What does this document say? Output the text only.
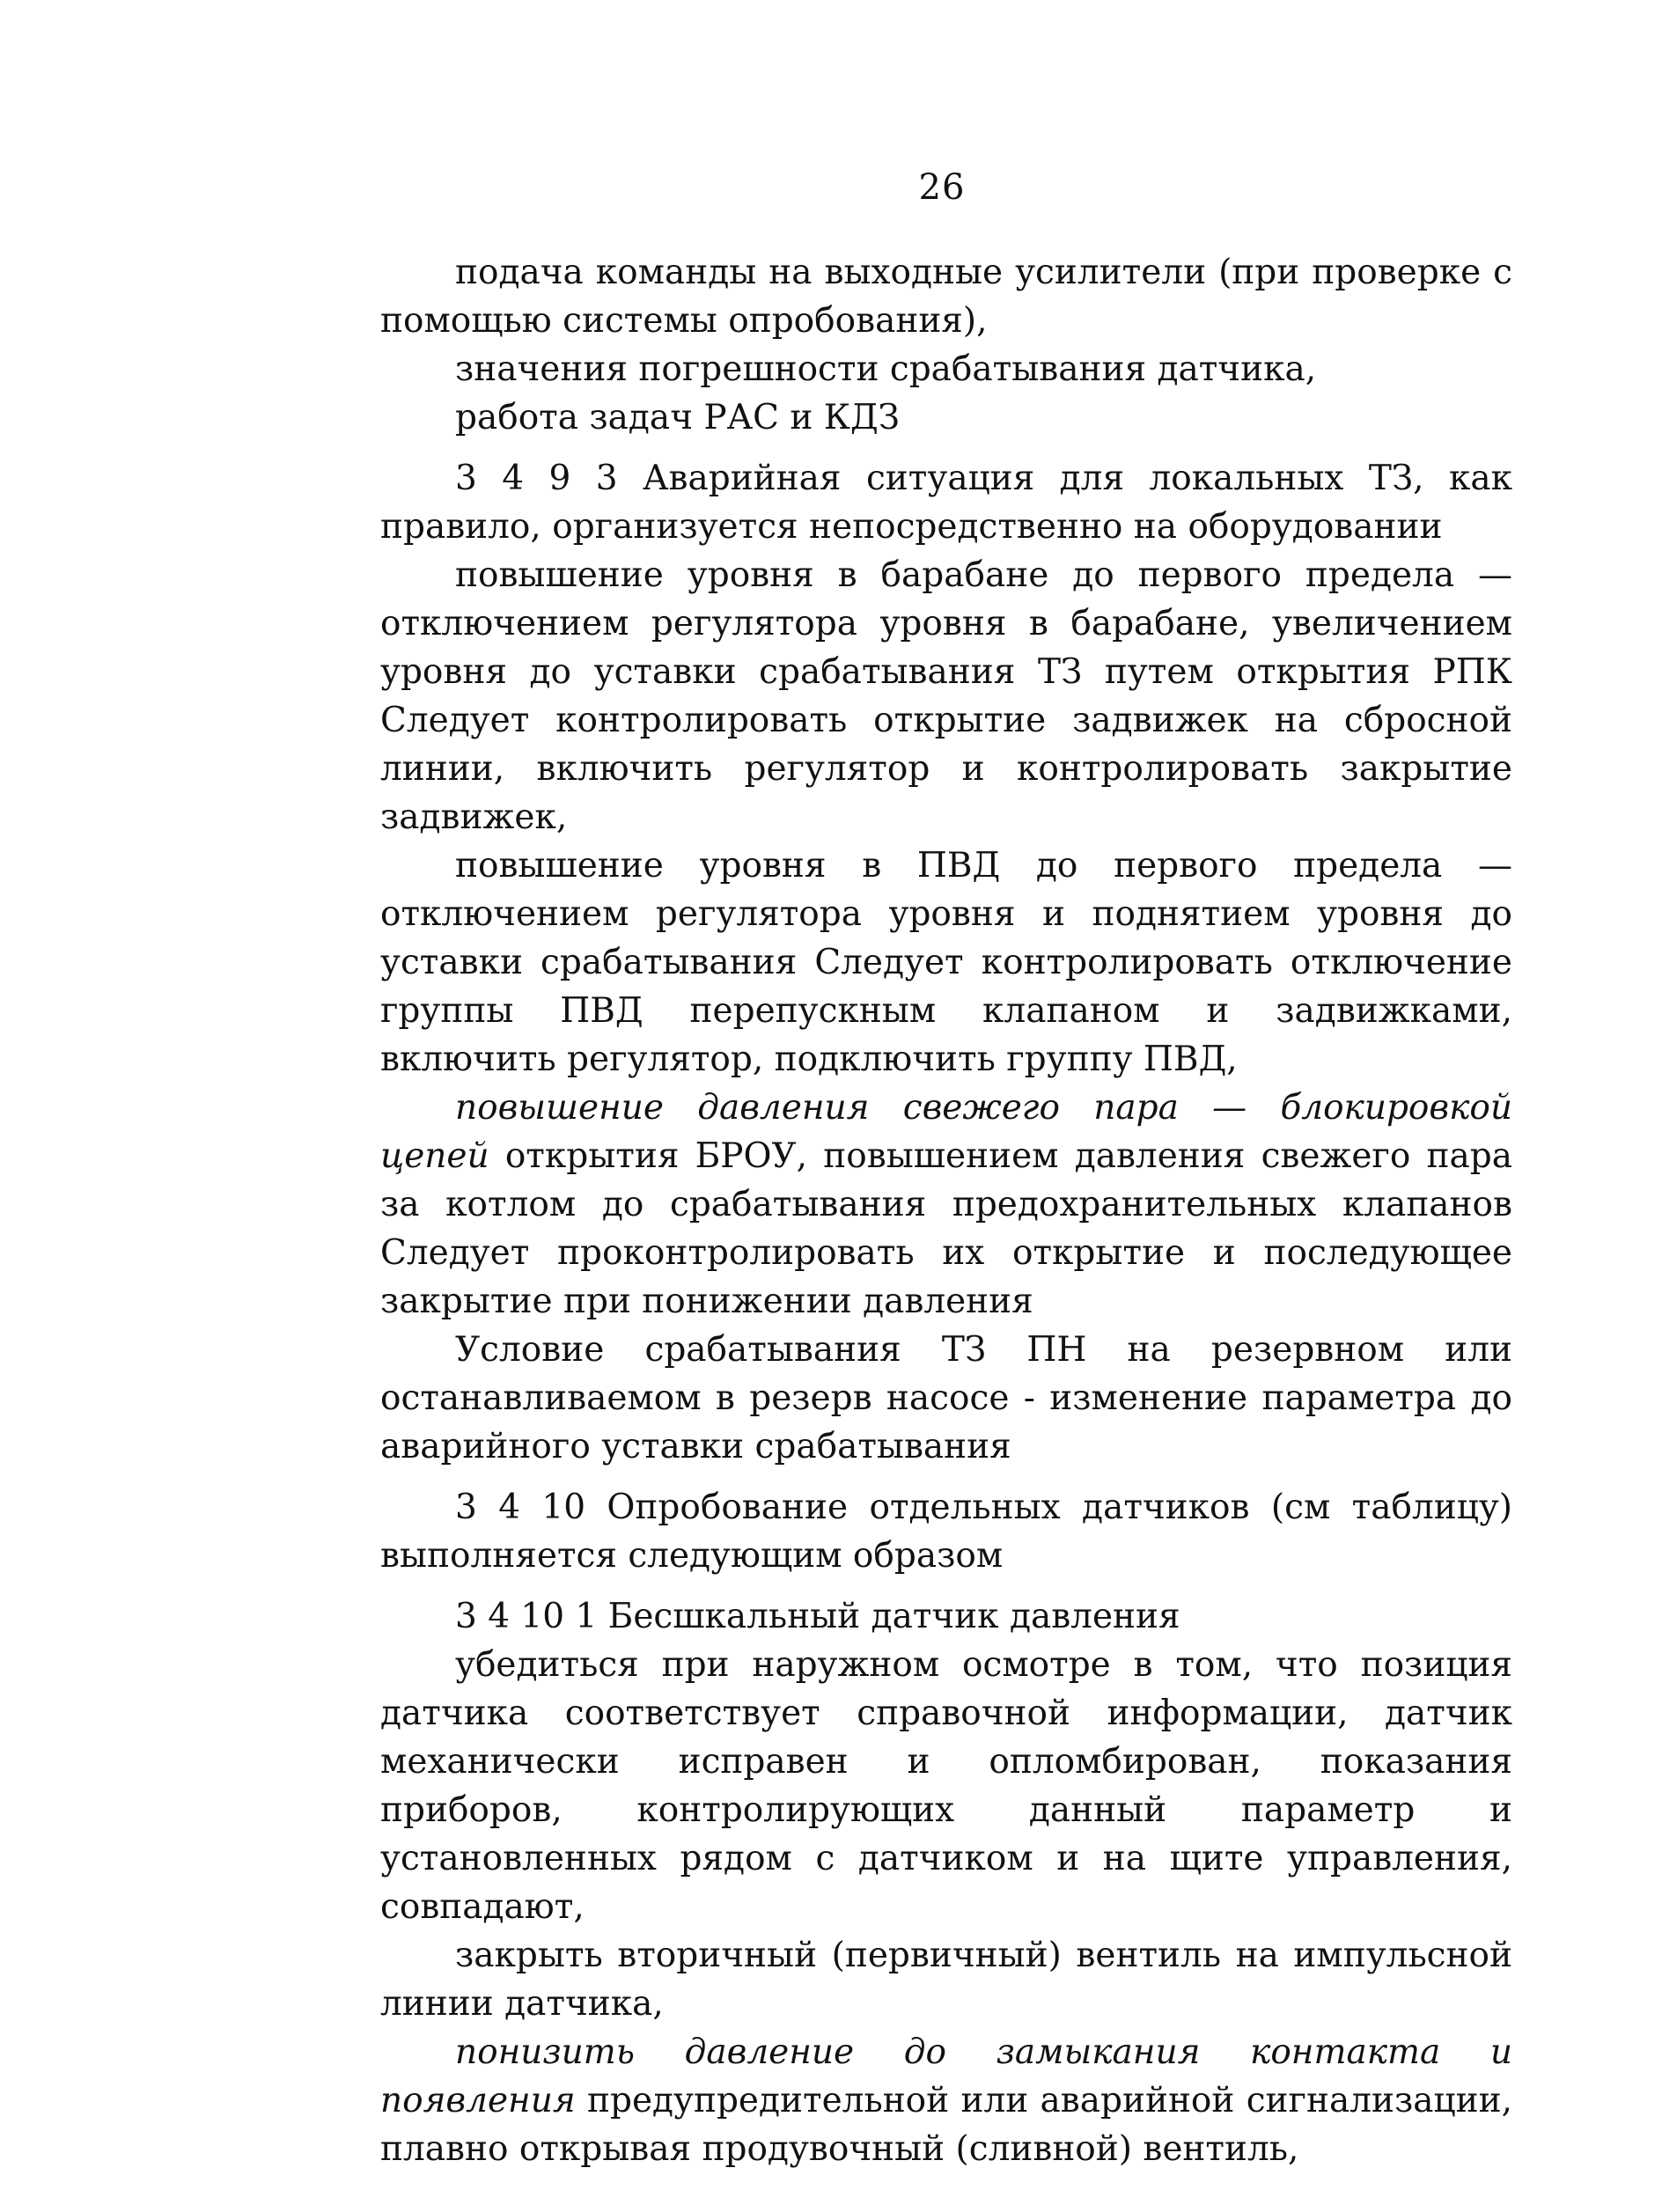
26

подача команды на выходные усилители (при проверке с помощью системы опробования),

значения погрешности срабатывания датчика,

работа задач РАС и КДЗ

3 4 9 3 Аварийная ситуация для локальных ТЗ, как правило, организуется непосредственно на оборудовании

повышение уровня в барабане до первого предела — отключением регулятора уровня в барабане, увеличением уровня до уставки срабатывания ТЗ путем открытия РПК Следует контролировать открытие задвижек на сбросной линии, включить регулятор и контролировать закрытие задвижек,

повышение уровня в ПВД до первого предела — отключением регулятора уровня и поднятием уровня до уставки срабатывания Следует контролировать отключение группы ПВД перепускным клапаном и задвижками, включить регулятор, подключить группу ПВД,

повышение давления свежего пара — блокировкой цепей открытия БРОУ, повышением давления свежего пара за котлом до срабатывания предохранительных клапанов Следует проконтролировать их открытие и последующее закрытие при понижении давления

Условие срабатывания ТЗ ПН на резервном или останавливаемом в резерв насосе - изменение параметра до аварийного уставки срабатывания

3 4 10 Опробование отдельных датчиков (см таблицу) выполняется следующим образом

3 4 10 1 Бесшкальный датчик давления

убедиться при наружном осмотре в том, что позиция датчика соответствует справочной информации, датчик механически исправен и опломбирован, показания приборов, контролирующих данный параметр и установленных рядом с датчиком и на щите управления, совпадают,

закрыть вторичный (первичный) вентиль на импульсной линии датчика,

понизить давление до замыкания контакта и появления предупредительной или аварийной сигнализации, плавно открывая продувочный (сливной) вентиль,
